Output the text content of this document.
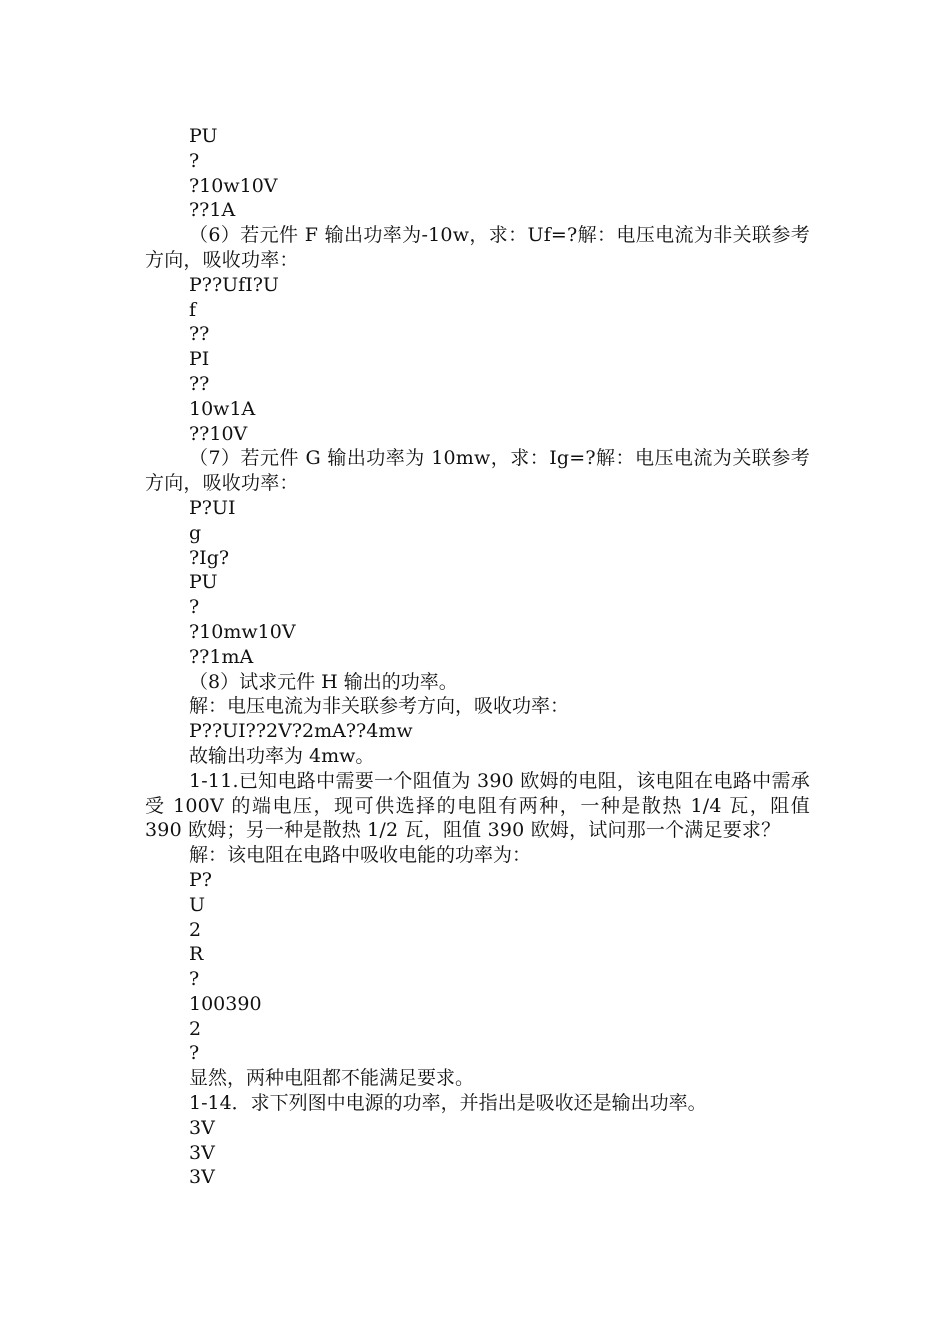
PU
?
?10w10V
??1A
（6）若元件 F 输出功率为-10w，求：Uf=?解：电压电流为非关联参考方向，吸收功率：
P??UfI?U
f
??
PI
??
10w1A
??10V
（7）若元件 G 输出功率为 10mw，求：Ig=?解：电压电流为关联参考方向，吸收功率：
P?UI
g
?Ig?
PU
?
?10mw10V
??1mA
（8）试求元件 H 输出的功率。
解：电压电流为非关联参考方向，吸收功率：
P??UI??2V?2mA??4mw
故输出功率为 4mw。
1-11.已知电路中需要一个阻值为 390 欧姆的电阻，该电阻在电路中需承受 100V 的端电压，现可供选择的电阻有两种，一种是散热 1/4 瓦，阻值 390 欧姆；另一种是散热 1/2 瓦，阻值 390 欧姆，试问那一个满足要求？
解：该电阻在电路中吸收电能的功率为：
P?
U
2
R
?
100390
2
?
显然，两种电阻都不能满足要求。
1-14．求下列图中电源的功率，并指出是吸收还是输出功率。
3V
3V
3V
